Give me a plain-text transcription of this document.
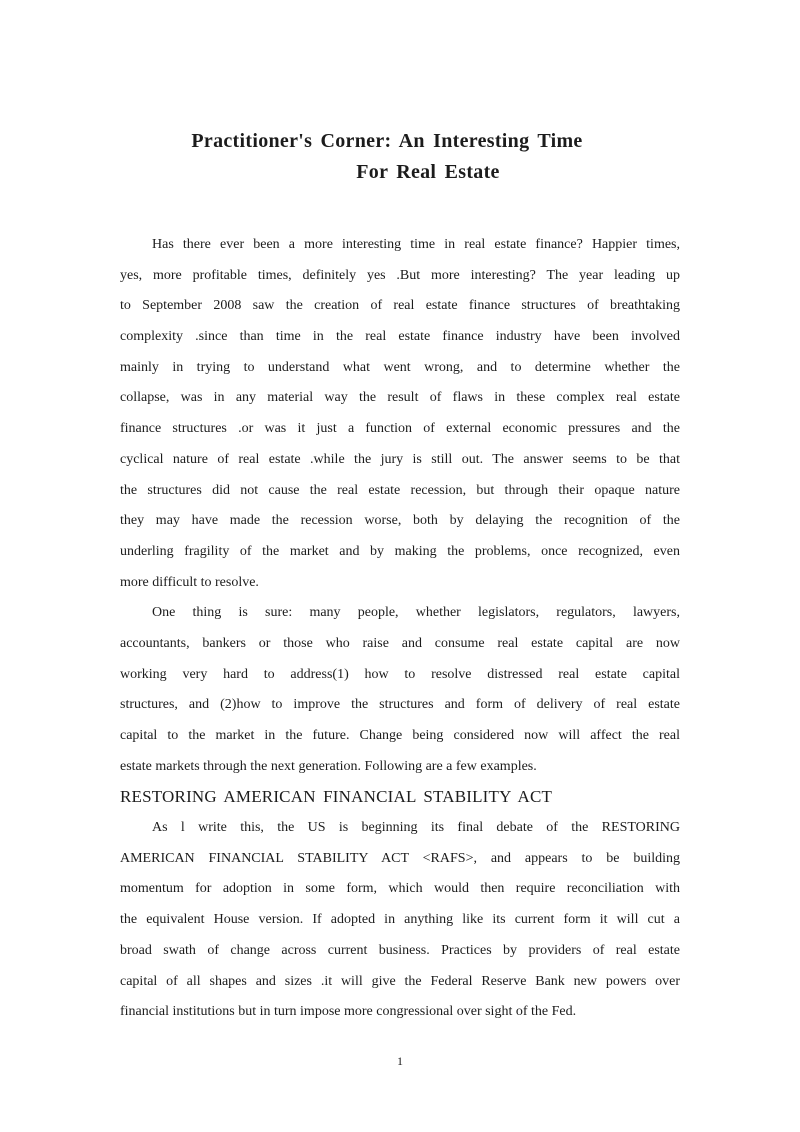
Practitioner's Corner: An Interesting Time
For Real Estate
Has there ever been a more interesting time in real estate finance? Happier times,
yes, more profitable times, definitely yes .But more interesting? The year leading up
to September 2008 saw the creation of real estate finance structures of breathtaking
complexity .since than time in the real estate finance industry have been involved
mainly in trying to understand what went wrong, and to determine whether the
collapse, was in any material way the result of flaws in these complex real estate
finance structures .or was it just a function of external economic pressures and the
cyclical nature of real estate .while the jury is still out. The answer seems to be that
the structures did not cause the real estate recession, but through their opaque nature
they may have made the recession worse, both by delaying the recognition of the
underling fragility of the market and by making the problems, once recognized, even
more difficult to resolve.
One thing is sure: many people, whether legislators, regulators, lawyers,
accountants, bankers or those who raise and consume real estate capital are now
working very hard to address(1) how to resolve distressed real estate capital
structures, and (2)how to improve the structures and form of delivery of real estate
capital to the market in the future. Change being considered now will affect the real
estate markets through the next generation. Following are a few examples.
RESTORING AMERICAN FINANCIAL STABILITY ACT
As l write this, the US is beginning its final debate of the RESTORING
AMERICAN FINANCIAL STABILITY ACT <RAFS>, and appears to be building
momentum for adoption in some form, which would then require reconciliation with
the equivalent House version. If adopted in anything like its current form it will cut a
broad swath of change across current business. Practices by providers of real estate
capital of all shapes and sizes .it will give the Federal Reserve Bank new powers over
financial institutions but in turn impose more congressional over sight of the Fed.
1
